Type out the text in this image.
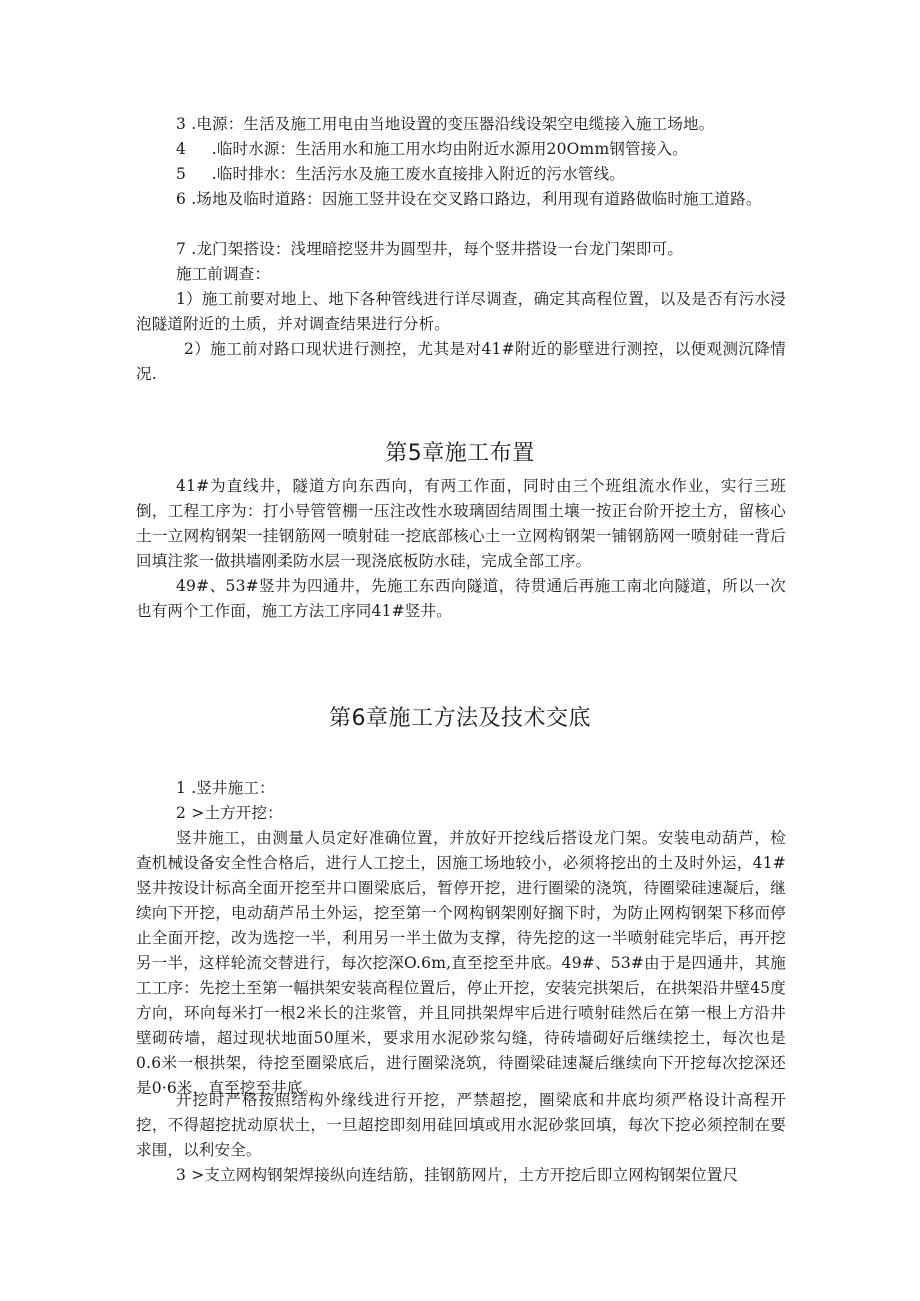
3 .电源：生活及施工用电由当地设置的变压器沿线设架空电缆接入施工场地。

4     .临时水源：生活用水和施工用水均由附近水源用20Omm钢管接入。

5     .临时排水：生活污水及施工废水直接排入附近的污水管线。

6 .场地及临时道路：因施工竖井设在交叉路口路边，利用现有道路做临时施工道路。

7 .龙门架搭设：浅埋暗挖竖井为圆型井，每个竖井搭设一台龙门架即可。

施工前调查：

1）施工前要对地上、地下各种管线进行详尽调查，确定其高程位置，以及是否有污水浸泡隧道附近的土质，并对调查结果进行分析。

2）施工前对路口现状进行测控，尤其是对41#附近的影壁进行测控，以便观测沉降情况.

第5章施工布置

41#为直线井，隧道方向东西向，有两工作面，同时由三个班组流水作业，实行三班倒，工程工序为：打小导管管棚一压注改性水玻璃固结周围土壤一按正台阶开挖土方，留核心土一立网构钢架一挂钢筋网一喷射硅一挖底部核心土一立网构钢架一铺钢筋网一喷射硅一背后回填注浆一做拱墙刚柔防水层一现浇底板防水硅，完成全部工序。

49#、53#竖井为四通井，先施工东西向隧道，待贯通后再施工南北向隧道，所以一次也有两个工作面，施工方法工序同41#竖井。

第6章施工方法及技术交底

1 .竖井施工：

2 >土方开挖：

竖井施工，由测量人员定好准确位置，并放好开挖线后搭设龙门架。安装电动葫芦，检查机械设备安全性合格后，进行人工挖土，因施工场地较小，必须将挖出的土及时外运，41#竖井按设计标高全面开挖至井口圈梁底后，暂停开挖，进行圈梁的浇筑，待圈梁硅速凝后，继续向下开挖，电动葫芦吊土外运，挖至第一个网构钢架刚好搁下时，为防止网构钢架下移而停止全面开挖，改为选挖一半，利用另一半土做为支撑，待先挖的这一半喷射硅完毕后，再开挖另一半，这样轮流交替进行，每次挖深O.6m,直至挖至井底。49#、53#由于是四通井，其施工工序：先挖土至第一幅拱架安装高程位置后，停止开挖，安装完拱架后，在拱架沿井壁45度方向，环向每米打一根2米长的注浆管，并且同拱架焊牢后进行喷射硅然后在第一根上方沿井壁砌砖墙，超过现状地面50厘米，要求用水泥砂浆勾缝，待砖墙砌好后继续挖土，每次也是0.6米一根拱架，待挖至圈梁底后，进行圈梁浇筑，待圈梁硅速凝后继续向下开挖每次挖深还是0·6米，直至挖至井底。

开挖时严格按照结构外缘线进行开挖，严禁超挖，圈梁底和井底均须严格设计高程开挖，不得超挖扰动原状土，一旦超挖即刻用硅回填或用水泥砂浆回填，每次下挖必须控制在要求围，以利安全。

3 >支立网构钢架焊接纵向连结筋，挂钢筋网片，土方开挖后即立网构钢架位置尺
